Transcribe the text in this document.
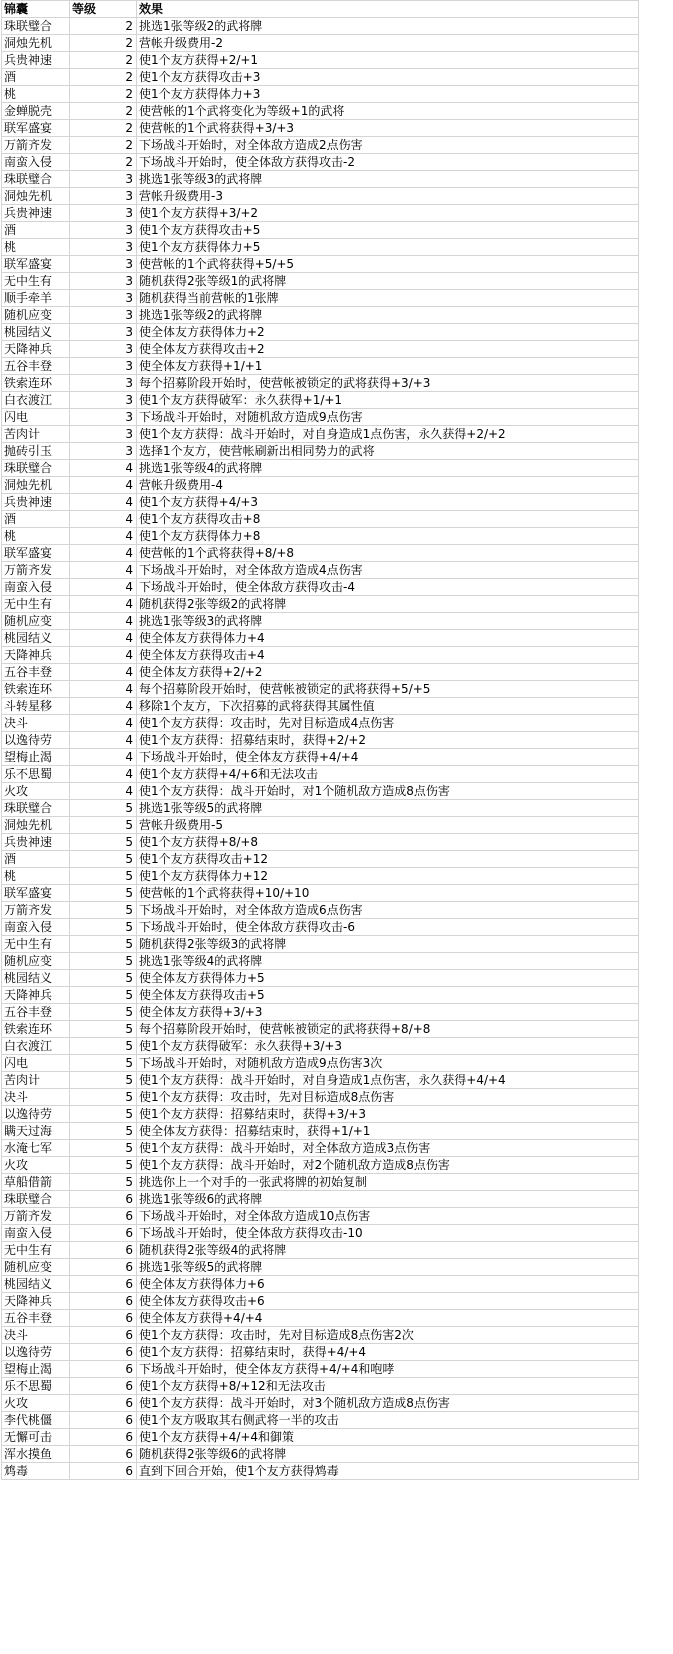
锦囊	等级	效果
珠联璧合	2	挑选1张等级2的武将牌
洞烛先机	2	营帐升级费用-2
兵贵神速	2	使1个友方获得+2/+1
酒	2	使1个友方获得攻击+3
桃	2	使1个友方获得体力+3
金蝉脱壳	2	使营帐的1个武将变化为等级+1的武将
联军盛宴	2	使营帐的1个武将获得+3/+3
万箭齐发	2	下场战斗开始时，对全体敌方造成2点伤害
南蛮入侵	2	下场战斗开始时，使全体敌方获得攻击-2
珠联璧合	3	挑选1张等级3的武将牌
洞烛先机	3	营帐升级费用-3
兵贵神速	3	使1个友方获得+3/+2
酒	3	使1个友方获得攻击+5
桃	3	使1个友方获得体力+5
联军盛宴	3	使营帐的1个武将获得+5/+5
无中生有	3	随机获得2张等级1的武将牌
顺手牵羊	3	随机获得当前营帐的1张牌
随机应变	3	挑选1张等级2的武将牌
桃园结义	3	使全体友方获得体力+2
天降神兵	3	使全体友方获得攻击+2
五谷丰登	3	使全体友方获得+1/+1
铁索连环	3	每个招募阶段开始时，使营帐被锁定的武将获得+3/+3
白衣渡江	3	使1个友方获得破军：永久获得+1/+1
闪电	3	下场战斗开始时，对随机敌方造成9点伤害
苦肉计	3	使1个友方获得：战斗开始时，对自身造成1点伤害，永久获得+2/+2
抛砖引玉	3	选择1个友方，使营帐刷新出相同势力的武将
珠联璧合	4	挑选1张等级4的武将牌
洞烛先机	4	营帐升级费用-4
兵贵神速	4	使1个友方获得+4/+3
酒	4	使1个友方获得攻击+8
桃	4	使1个友方获得体力+8
联军盛宴	4	使营帐的1个武将获得+8/+8
万箭齐发	4	下场战斗开始时，对全体敌方造成4点伤害
南蛮入侵	4	下场战斗开始时，使全体敌方获得攻击-4
无中生有	4	随机获得2张等级2的武将牌
随机应变	4	挑选1张等级3的武将牌
桃园结义	4	使全体友方获得体力+4
天降神兵	4	使全体友方获得攻击+4
五谷丰登	4	使全体友方获得+2/+2
铁索连环	4	每个招募阶段开始时，使营帐被锁定的武将获得+5/+5
斗转星移	4	移除1个友方，下次招募的武将获得其属性值
决斗	4	使1个友方获得：攻击时，先对目标造成4点伤害
以逸待劳	4	使1个友方获得：招募结束时，获得+2/+2
望梅止渴	4	下场战斗开始时，使全体友方获得+4/+4
乐不思蜀	4	使1个友方获得+4/+6和无法攻击
火攻	4	使1个友方获得：战斗开始时，对1个随机敌方造成8点伤害
珠联璧合	5	挑选1张等级5的武将牌
洞烛先机	5	营帐升级费用-5
兵贵神速	5	使1个友方获得+8/+8
酒	5	使1个友方获得攻击+12
桃	5	使1个友方获得体力+12
联军盛宴	5	使营帐的1个武将获得+10/+10
万箭齐发	5	下场战斗开始时，对全体敌方造成6点伤害
南蛮入侵	5	下场战斗开始时，使全体敌方获得攻击-6
无中生有	5	随机获得2张等级3的武将牌
随机应变	5	挑选1张等级4的武将牌
桃园结义	5	使全体友方获得体力+5
天降神兵	5	使全体友方获得攻击+5
五谷丰登	5	使全体友方获得+3/+3
铁索连环	5	每个招募阶段开始时，使营帐被锁定的武将获得+8/+8
白衣渡江	5	使1个友方获得破军：永久获得+3/+3
闪电	5	下场战斗开始时，对随机敌方造成9点伤害3次
苦肉计	5	使1个友方获得：战斗开始时，对自身造成1点伤害，永久获得+4/+4
决斗	5	使1个友方获得：攻击时，先对目标造成8点伤害
以逸待劳	5	使1个友方获得：招募结束时，获得+3/+3
瞒天过海	5	使全体友方获得：招募结束时，获得+1/+1
水淹七军	5	使1个友方获得：战斗开始时，对全体敌方造成3点伤害
火攻	5	使1个友方获得：战斗开始时，对2个随机敌方造成8点伤害
草船借箭	5	挑选你上一个对手的一张武将牌的初始复制
珠联璧合	6	挑选1张等级6的武将牌
万箭齐发	6	下场战斗开始时，对全体敌方造成10点伤害
南蛮入侵	6	下场战斗开始时，使全体敌方获得攻击-10
无中生有	6	随机获得2张等级4的武将牌
随机应变	6	挑选1张等级5的武将牌
桃园结义	6	使全体友方获得体力+6
天降神兵	6	使全体友方获得攻击+6
五谷丰登	6	使全体友方获得+4/+4
决斗	6	使1个友方获得：攻击时，先对目标造成8点伤害2次
以逸待劳	6	使1个友方获得：招募结束时，获得+4/+4
望梅止渴	6	下场战斗开始时，使全体友方获得+4/+4和咆哮
乐不思蜀	6	使1个友方获得+8/+12和无法攻击
火攻	6	使1个友方获得：战斗开始时，对3个随机敌方造成8点伤害
李代桃僵	6	使1个友方吸取其右侧武将一半的攻击
无懈可击	6	使1个友方获得+4/+4和御策
浑水摸鱼	6	随机获得2张等级6的武将牌
鸩毒	6	直到下回合开始，使1个友方获得鸩毒
